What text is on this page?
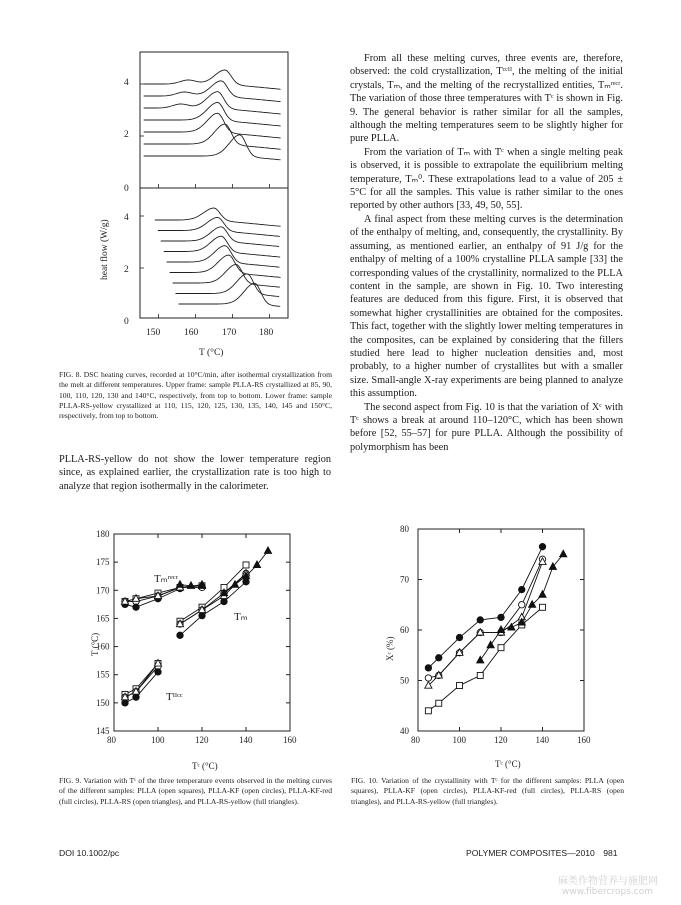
4
2
0
4
2
0
150	160	170 180
T (°C)
heat flow (W/g)
FIG. 8. DSC heating curves, recorded at 10°C/min, after isothermal crystallization from the melt at different temperatures. Upper frame: sample PLLA-RS crystallized at 85, 90, 100, 110, 120, 130 and 140°C, respectively, from top to bottom. Lower frame: sample PLLA-RS-yellow crystallized at 110, 115, 120, 125, 130, 135, 140, 145 and 150°C, respectively, from top to bottom.

PLLA-RS-yellow do not show the lower temperature region since, as explained earlier, the crystallization rate is too high to analyze that region isothermally in the calorimeter.

From all these melting curves, three events are, therefore, observed: the cold crystallization, Tᶜᶜᴵᴵ, the melting of the initial crystals, Tₘ, and the melting of the recrystallized entities, Tₘʳᵉᶜʳ. The variation of those three temperatures with Tᶜ is shown in Fig. 9. The general behavior is rather similar for all the samples, although the melting temperatures seem to be slightly higher for pure PLLA.

From the variation of Tₘ with Tᶜ when a single melting peak is observed, it is possible to extrapolate the equilibrium melting temperature, Tₘ⁰. These extrapolations lead to a value of 205 ± 5°C for all the samples. This value is rather similar to the ones reported by other authors [33, 49, 50, 55].

A final aspect from these melting curves is the determination of the enthalpy of melting, and, consequently, the crystallinity. By assuming, as mentioned earlier, an enthalpy of 91 J/g for the enthalpy of melting of a 100% crystalline PLLA sample [33] the corresponding values of the crystallinity, normalized to the PLLA content in the sample, are shown in Fig. 10. Two interesting features are deduced from this figure. First, it is observed that somewhat higher crystallinities are obtained for the composites. This fact, together with the slightly lower melting temperatures in the composites, can be explained by considering that the fillers studied here lead to higher nucleation densities and, most probably, to a higher number of crystallites but with a smaller size. Small-angle X-ray experiments are being planned to analyze this assumption.

The second aspect from Fig. 10 is that the variation of Xᶜ with Tᶜ shows a break at around 110–120°C, which has been shown before [52, 55–57] for pure PLLA. Although the possibility of polymorphism has been

80	100	120	140	160
145
150
155
160
165
170
175
180
T (°C)
Tᶜ (°C)
Tₘʳᵉᶜʳ
Tₘ
Tᴵᴵᶜᶜ
FIG. 9. Variation with Tᶜ of the three temperature events observed in the melting curves of the different samples: PLLA (open squares), PLLA-KF (open circles), PLLA-KF-red (full circles), PLLA-RS (open triangles), and PLLA-RS-yellow (full triangles).
80	100	120	140	160
40
50
60
70
80
Xᶜ (%)
Tᶜ (°C)
FIG. 10. Variation of the crystallinity with Tᶜ for the different samples: PLLA (open squares), PLLA-KF (open circles), PLLA-KF-red (full circles), PLLA-RS (open triangles), and PLLA-RS-yellow (full triangles).
DOI 10.1002/pc	POLYMER COMPOSITES—2010 981
麻类作物营养与施肥网
www.fibercrops.com
